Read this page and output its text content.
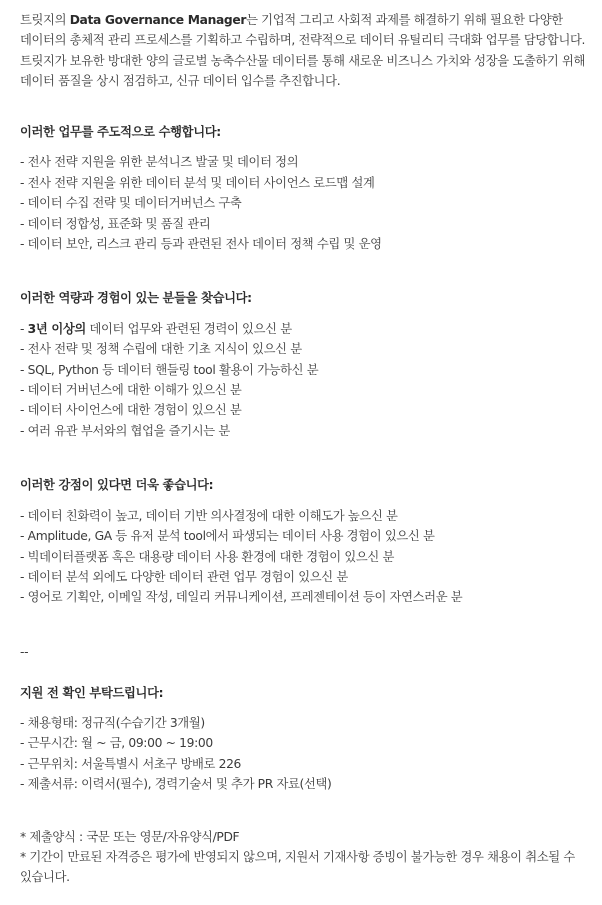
트릿지의 Data Governance Manager는 기업적 그리고 사회적 과제를 해결하기 위해 필요한 다양한 데이터의 총체적 관리 프로세스를 기획하고 수립하며, 전략적으로 데이터 유틸리티 극대화 업무를 담당합니다. 트릿지가 보유한 방대한 양의 글로벌 농축수산물 데이터를 통해 새로운 비즈니스 가치와 성장을 도출하기 위해 데이터 품질을 상시 점검하고, 신규 데이터 입수를 추진합니다.

이러한 업무를 주도적으로 수행합니다:

- 전사 전략 지원을 위한 분석니즈 발굴 및 데이터 정의
- 전사 전략 지원을 위한 데이터 분석 및 데이터 사이언스 로드맵 설계
- 데이터 수집 전략 및 데이터거버넌스 구축
- 데이터 정합성, 표준화 및 품질 관리
- 데이터 보안, 리스크 관리 등과 관련된 전사 데이터 정책 수립 및 운영

이러한 역량과 경험이 있는 분들을 찾습니다:

- 3년 이상의 데이터 업무와 관련된 경력이 있으신 분
- 전사 전략 및 정책 수립에 대한 기초 지식이 있으신 분
- SQL, Python 등 데이터 핸들링 tool 활용이 가능하신 분
- 데이터 거버넌스에 대한 이해가 있으신 분
- 데이터 사이언스에 대한 경험이 있으신 분
- 여러 유관 부서와의 협업을 즐기시는 분

이러한 강점이 있다면 더욱 좋습니다:

- 데이터 친화력이 높고, 데이터 기반 의사결정에 대한 이해도가 높으신 분
- Amplitude, GA 등 유저 분석 tool에서 파생되는 데이터 사용 경험이 있으신 분
- 빅데이터플랫폼 혹은 대용량 데이터 사용 환경에 대한 경험이 있으신 분
- 데이터 분석 외에도 다양한 데이터 관련 업무 경험이 있으신 분
- 영어로 기획안, 이메일 작성, 데일리 커뮤니케이션, 프레젠테이션 등이 자연스러운 분

--

지원 전 확인 부탁드립니다:

- 채용형태: 정규직(수습기간 3개월)
- 근무시간: 월 ~ 금, 09:00 ~ 19:00
- 근무위치: 서울특별시 서초구 방배로 226
- 제출서류: 이력서(필수), 경력기술서 및 추가 PR 자료(선택)

* 제출양식 : 국문 또는 영문/자유양식/PDF

* 기간이 만료된 자격증은 평가에 반영되지 않으며, 지원서 기재사항 증빙이 불가능한 경우 채용이 취소될 수 있습니다.
